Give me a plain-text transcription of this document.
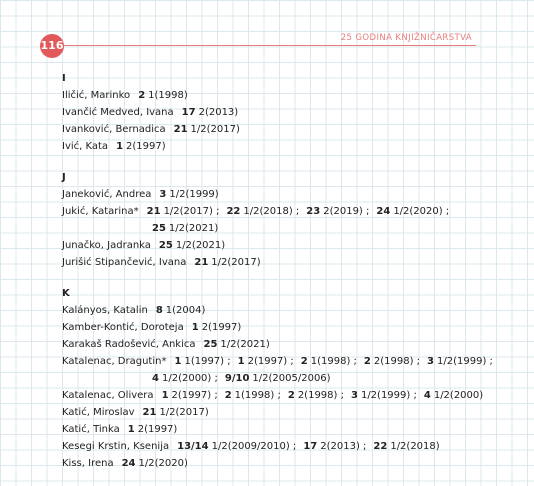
116
25 GODINA KNJIŽNIČARSTVA
I
Iličić, Marinko 2 1(1998)
Ivančić Medved, Ivana 17 2(2013)
Ivanković, Bernadica 21 1/2(2017)
Ivić, Kata 1 2(1997)
J
Janeković, Andrea 3 1/2(1999)
Jukić, Katarina* 21 1/2(2017) ; 22 1/2(2018) ; 23 2(2019) ; 24 1/2(2020) ;
25 1/2(2021)
Junačko, Jadranka 25 1/2(2021)
Jurišić Stipančević, Ivana 21 1/2(2017)
K
Kalányos, Katalin 8 1(2004)
Kamber-Kontić, Doroteja 1 2(1997)
Karakaš Radošević, Ankica 25 1/2(2021)
Katalenac, Dragutin* 1 1(1997) ; 1 2(1997) ; 2 1(1998) ; 2 2(1998) ; 3 1/2(1999) ;
4 1/2(2000) ; 9/10 1/2(2005/2006)
Katalenac, Olivera 1 2(1997) ; 2 1(1998) ; 2 2(1998) ; 3 1/2(1999) ; 4 1/2(2000)
Katić, Miroslav 21 1/2(2017)
Katić, Tinka 1 2(1997)
Kesegi Krstin, Ksenija 13/14 1/2(2009/2010) ; 17 2(2013) ; 22 1/2(2018)
Kiss, Irena 24 1/2(2020)
